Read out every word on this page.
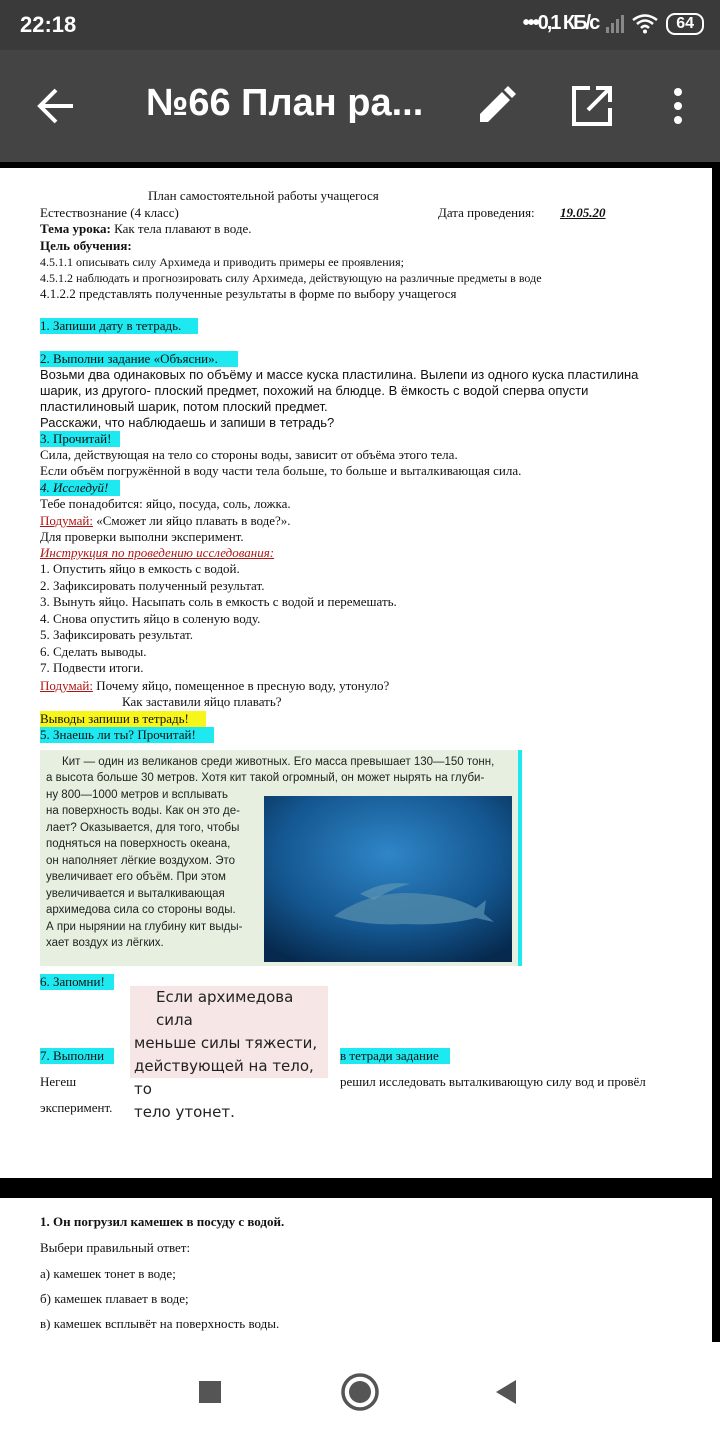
22:18	•••0,1 КБ/с	64
№66 План ра...
План самостоятельной работы учащегося
Естествознание (4 класс)	Дата проведения:	19.05.20
Тема урока: Как тела плавают в воде.
Цель обучения:
4.5.1.1 описывать силу Архимеда и приводить примеры ее проявления;
4.5.1.2 наблюдать и прогнозировать силу Архимеда, действующую на различные предметы в воде
4.1.2.2 представлять полученные результаты в форме по выбору учащегося
1. Запиши дату в тетрадь.
2. Выполни задание «Объясни».
Возьми два одинаковых по объёму и массе куска пластилина. Вылепи из одного куска пластилина
шарик, из другого- плоский предмет, похожий на блюдце. В ёмкость с водой сперва опусти
пластилиновый шарик, потом плоский предмет.
Расскажи, что наблюдаешь и запиши в тетрадь?
3. Прочитай!
Сила, действующая на тело со стороны воды, зависит от объёма этого тела.
Если объём погружённой в воду части тела больше, то больше и выталкивающая сила.
4. Исследуй!
Тебе понадобится: яйцо, посуда, соль, ложка.
Подумай: «Сможет ли яйцо плавать в воде?».
Для проверки выполни эксперимент.
Инструкция по проведению исследования:
1. Опустить яйцо в емкость с водой.
2. Зафиксировать полученный результат.
3. Вынуть яйцо. Насыпать соль в емкость с водой и перемешать.
4. Снова опустить яйцо в соленую воду.
5. Зафиксировать результат.
6. Сделать выводы.
7. Подвести итоги.
Подумай: Почему яйцо, помещенное в пресную воду, утонуло?
Как заставили яйцо плавать?
Выводы запиши в тетрадь!
5. Знаешь ли ты? Прочитай!
Кит — один из великанов среди животных. Его масса превышает 130—150 тонн,
а высота больше 30 метров. Хотя кит такой огромный, он может нырять на глуби-
ну 800—1000 метров и всплывать
на поверхность воды. Как он это де-
лает? Оказывается, для того, чтобы
подняться на поверхность океана,
он наполняет лёгкие воздухом. Это
увеличивает его объём. При этом
увеличивается и выталкивающая
архимедова сила со стороны воды.
А при нырянии на глубину кит выды-
хает воздух из лёгких.
6. Запомни!
Если архимедова сила
меньше силы тяжести,
действующей на тело, то
тело утонет.
7. Выполни	в тетради задание
Негеш	решил исследовать выталкивающую силу вод и провёл
эксперимент.
1. Он погрузил камешек в посуду с водой.
Выбери правильный ответ:
а) камешек тонет в воде;
б) камешек плавает в воде;
в) камешек всплывёт на поверхность воды.
